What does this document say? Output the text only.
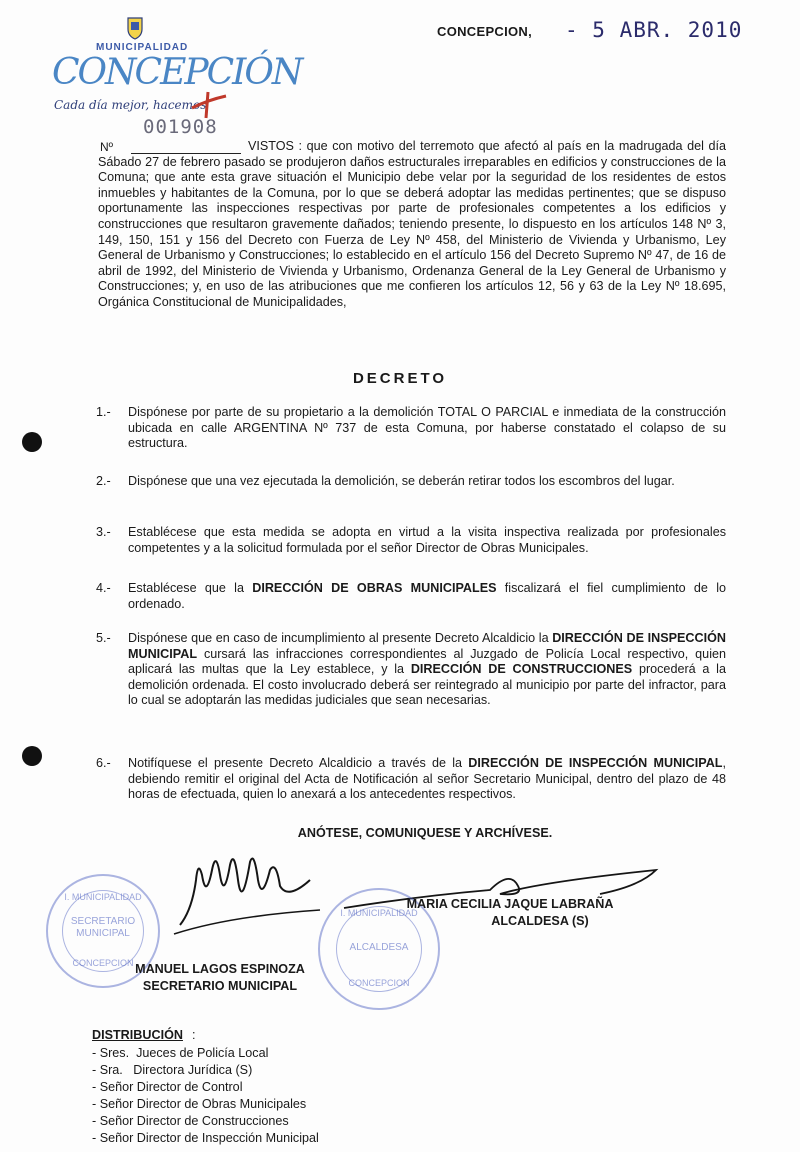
MUNICIPALIDAD
CONCEPCIÓN
Cada día mejor, hacemos
CONCEPCION, - 5 ABR. 2010
001908
Nº	VISTOS : que con motivo del terremoto que afectó al país en la madrugada del día Sábado 27 de febrero pasado se produjeron daños estructurales irreparables en edificios y construcciones de la Comuna; que ante esta grave situación el Municipio debe velar por la seguridad de los residentes de estos inmuebles y habitantes de la Comuna, por lo que se deberá adoptar las medidas pertinentes; que se dispuso oportunamente las inspecciones respectivas por parte de profesionales competentes a los edificios y construcciones que resultaron gravemente dañados; teniendo presente, lo dispuesto en los artículos 148 Nº 3, 149, 150, 151 y 156 del Decreto con Fuerza de Ley Nº 458, del Ministerio de Vivienda y Urbanismo, Ley General de Urbanismo y Construcciones; lo establecido en el artículo 156 del Decreto Supremo Nº 47, de 16 de abril de 1992, del Ministerio de Vivienda y Urbanismo, Ordenanza General de la Ley General de Urbanismo y Construcciones; y, en uso de las atribuciones que me confieren los artículos 12, 56 y 63 de la Ley Nº 18.695, Orgánica Constitucional de Municipalidades,
DECRETO
1.- Dispónese por parte de su propietario a la demolición TOTAL O PARCIAL e inmediata de la construcción ubicada en calle ARGENTINA Nº 737 de esta Comuna, por haberse constatado el colapso de su estructura.
2.- Dispónese que una vez ejecutada la demolición, se deberán retirar todos los escombros del lugar.
3.- Establécese que esta medida se adopta en virtud a la visita inspectiva realizada por profesionales competentes y a la solicitud formulada por el señor Director de Obras Municipales.
4.- Establécese que la DIRECCIÓN DE OBRAS MUNICIPALES fiscalizará el fiel cumplimiento de lo ordenado.
5.- Dispónese que en caso de incumplimiento al presente Decreto Alcaldicio la DIRECCIÓN DE INSPECCIÓN MUNICIPAL cursará las infracciones correspondientes al Juzgado de Policía Local respectivo, quien aplicará las multas que la Ley establece, y la DIRECCIÓN DE CONSTRUCCIONES procederá a la demolición ordenada. El costo involucrado deberá ser reintegrado al municipio por parte del infractor, para lo cual se adoptarán las medidas judiciales que sean necesarias.
6.- Notifíquese el presente Decreto Alcaldicio a través de la DIRECCIÓN DE INSPECCIÓN MUNICIPAL, debiendo remitir el original del Acta de Notificación al señor Secretario Municipal, dentro del plazo de 48 horas de efectuada, quien lo anexará a los antecedentes respectivos.
ANÓTESE, COMUNIQUESE Y ARCHÍVESE.
I. MUNICIPALIDAD
SECRETARIO
MUNICIPAL
CONCEPCION
I. MUNICIPALIDAD
ALCALDESA
CONCEPCION
MARIA CECILIA JAQUE LABRAÑA
ALCALDESA (S)
MANUEL LAGOS ESPINOZA
SECRETARIO MUNICIPAL
DISTRIBUCIÓN :
- Sres.  Jueces de Policía Local
- Sra.   Directora Jurídica (S)
- Señor Director de Control
- Señor Director de Obras Municipales
- Señor Director de Construcciones
- Señor Director de Inspección Municipal
